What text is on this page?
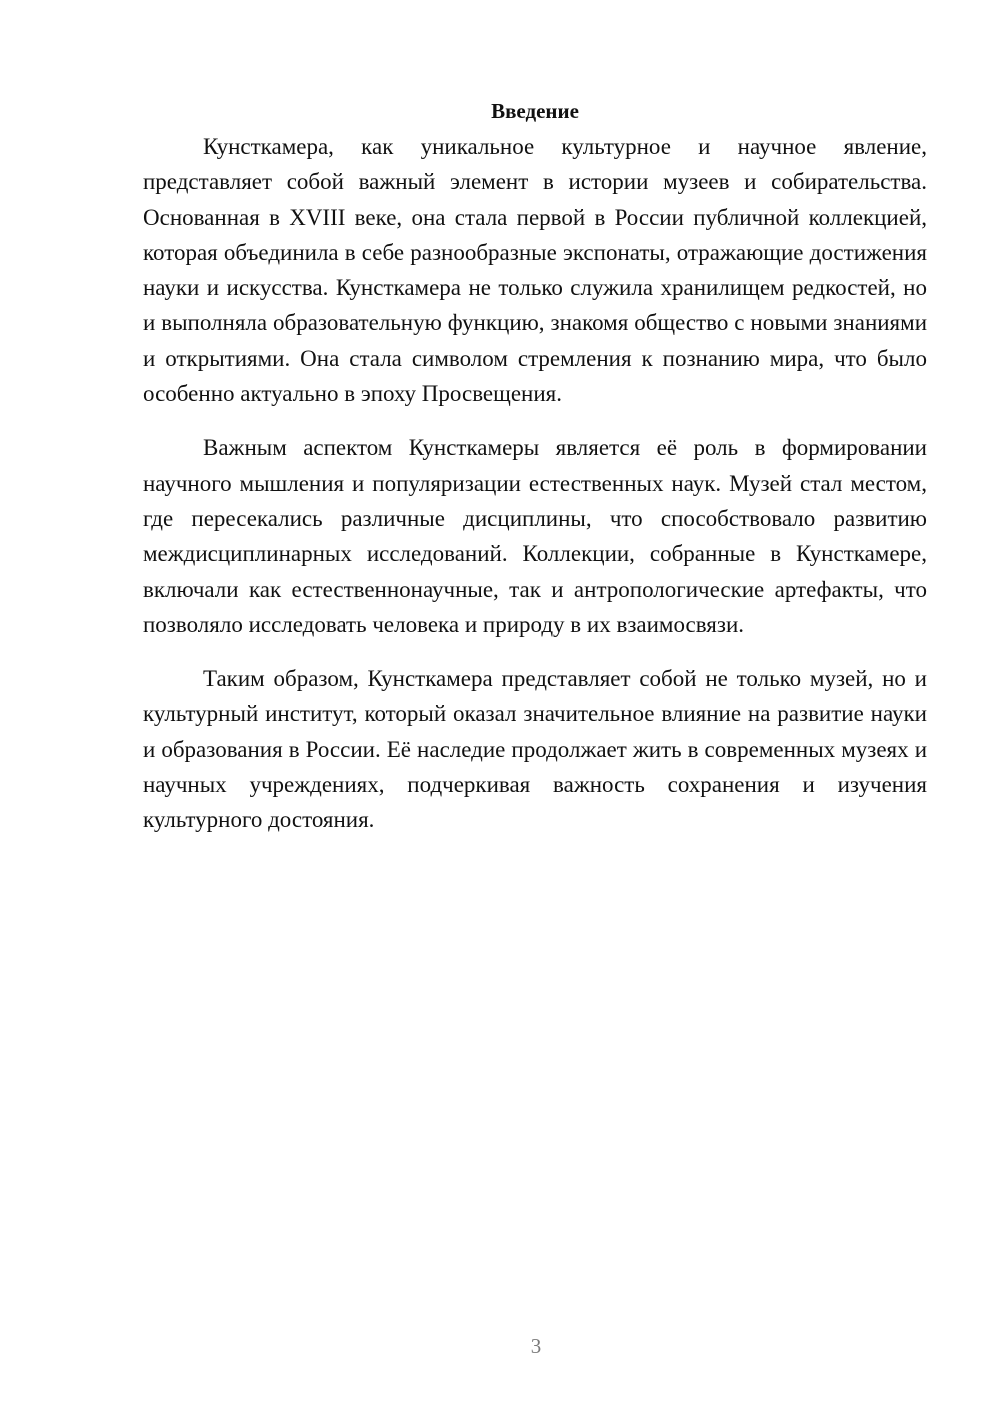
Введение

Кунсткамера, как уникальное культурное и научное явление, представляет собой важный элемент в истории музеев и собирательства. Основанная в XVIII веке, она стала первой в России публичной коллекцией, которая объединила в себе разнообразные экспонаты, отражающие достижения науки и искусства. Кунсткамера не только служила хранилищем редкостей, но и выполняла образовательную функцию, знакомя общество с новыми знаниями и открытиями. Она стала символом стремления к познанию мира, что было особенно актуально в эпоху Просвещения.

Важным аспектом Кунсткамеры является её роль в формировании научного мышления и популяризации естественных наук. Музей стал местом, где пересекались различные дисциплины, что способствовало развитию междисциплинарных исследований. Коллекции, собранные в Кунсткамере, включали как естественнонаучные, так и антропологические артефакты, что позволяло исследовать человека и природу в их взаимосвязи.

Таким образом, Кунсткамера представляет собой не только музей, но и культурный институт, который оказал значительное влияние на развитие науки и образования в России. Её наследие продолжает жить в современных музеях и научных учреждениях, подчеркивая важность сохранения и изучения культурного достояния.

3
